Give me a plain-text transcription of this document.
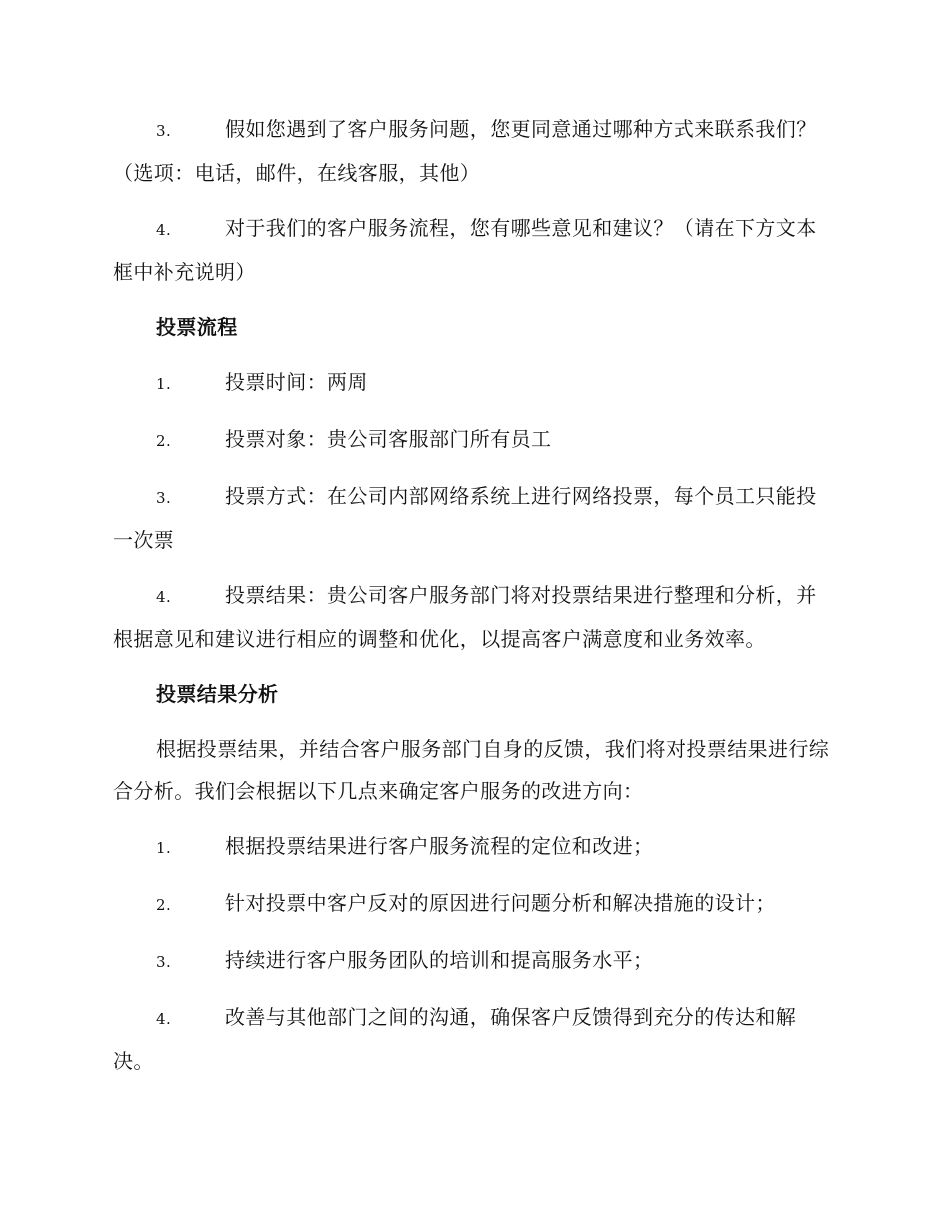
3.	假如您遇到了客户服务问题，您更同意通过哪种方式来联系我们？（选项：电话，邮件，在线客服，其他）

4.	对于我们的客户服务流程，您有哪些意见和建议？（请在下方文本框中补充说明）

投票流程

1.	投票时间：两周

2.	投票对象：贵公司客服部门所有员工

3.	投票方式：在公司内部网络系统上进行网络投票，每个员工只能投一次票

4.	投票结果：贵公司客户服务部门将对投票结果进行整理和分析，并根据意见和建议进行相应的调整和优化，以提高客户满意度和业务效率。

投票结果分析

根据投票结果，并结合客户服务部门自身的反馈，我们将对投票结果进行综合分析。我们会根据以下几点来确定客户服务的改进方向：

1.	根据投票结果进行客户服务流程的定位和改进；

2.	针对投票中客户反对的原因进行问题分析和解决措施的设计；

3.	持续进行客户服务团队的培训和提高服务水平；

4.	改善与其他部门之间的沟通，确保客户反馈得到充分的传达和解决。
